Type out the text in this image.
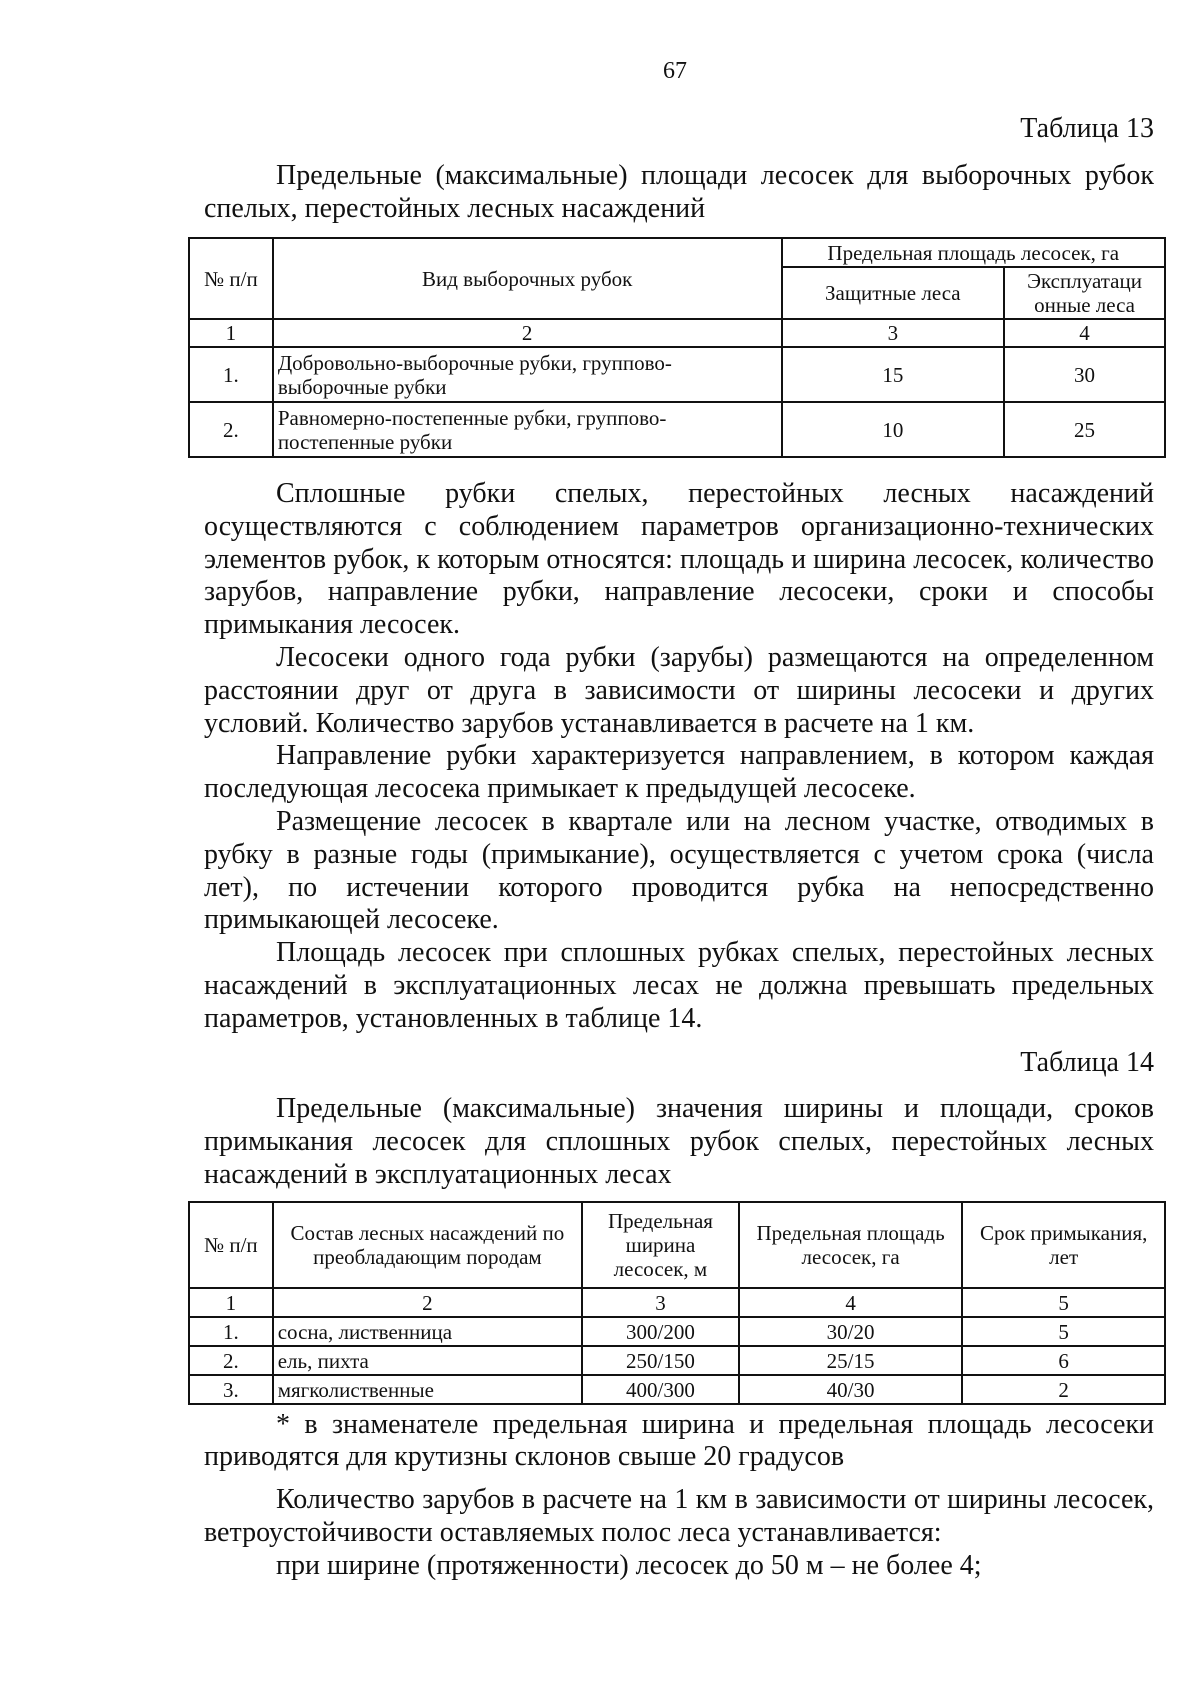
67
Таблица 13
Предельные (максимальные) площади лесосек для выборочных рубок спелых, перестойных лесных насаждений
№ п/п	Вид выборочных рубок	Предельная площадь лесосек, га	
		Защитные леса	Эксплуатаци онные леса
1	2	3	4
1.	Добровольно-выборочные рубки, группово-выборочные рубки	15	30
2.	Равномерно-постепенные рубки, группово-постепенные рубки	10	25

Сплошные рубки спелых, перестойных лесных насаждений осуществляются с соблюдением параметров организационно-технических элементов рубок, к которым относятся: площадь и ширина лесосек, количество зарубов, направление рубки, направление лесосеки, сроки и способы примыкания лесосек.

Лесосеки одного года рубки (зарубы) размещаются на определенном расстоянии друг от друга в зависимости от ширины лесосеки и других условий. Количество зарубов устанавливается в расчете на 1 км.

Направление рубки характеризуется направлением, в котором каждая последующая лесосека примыкает к предыдущей лесосеке.

Размещение лесосек в квартале или на лесном участке, отводимых в рубку в разные годы (примыкание), осуществляется с учетом срока (числа лет), по истечении которого проводится рубка на непосредственно примыкающей лесосеке.

Площадь лесосек при сплошных рубках спелых, перестойных лесных насаждений в эксплуатационных лесах не должна превышать предельных параметров, установленных в таблице 14.

Таблица 14
Предельные (максимальные) значения ширины и площади, сроков примыкания лесосек для сплошных рубок спелых, перестойных лесных насаждений в эксплуатационных лесах
№ п/п	Состав лесных насаждений по преобладающим породам	Предельная ширина лесосек, м	Предельная площадь лесосек, га	Срок примыкания, лет
1	2	3	4	5
1.	сосна, лиственница	300/200	30/20	5
2.	ель, пихта	250/150	25/15	6
3.	мягколиственные	400/300	40/30	2
* в знаменателе предельная ширина и предельная площадь лесосеки приводятся для крутизны склонов свыше 20 градусов

Количество зарубов в расчете на 1 км в зависимости от ширины лесосек, ветроустойчивости оставляемых полос леса устанавливается:

при ширине (протяженности) лесосек до 50 м – не более 4;
